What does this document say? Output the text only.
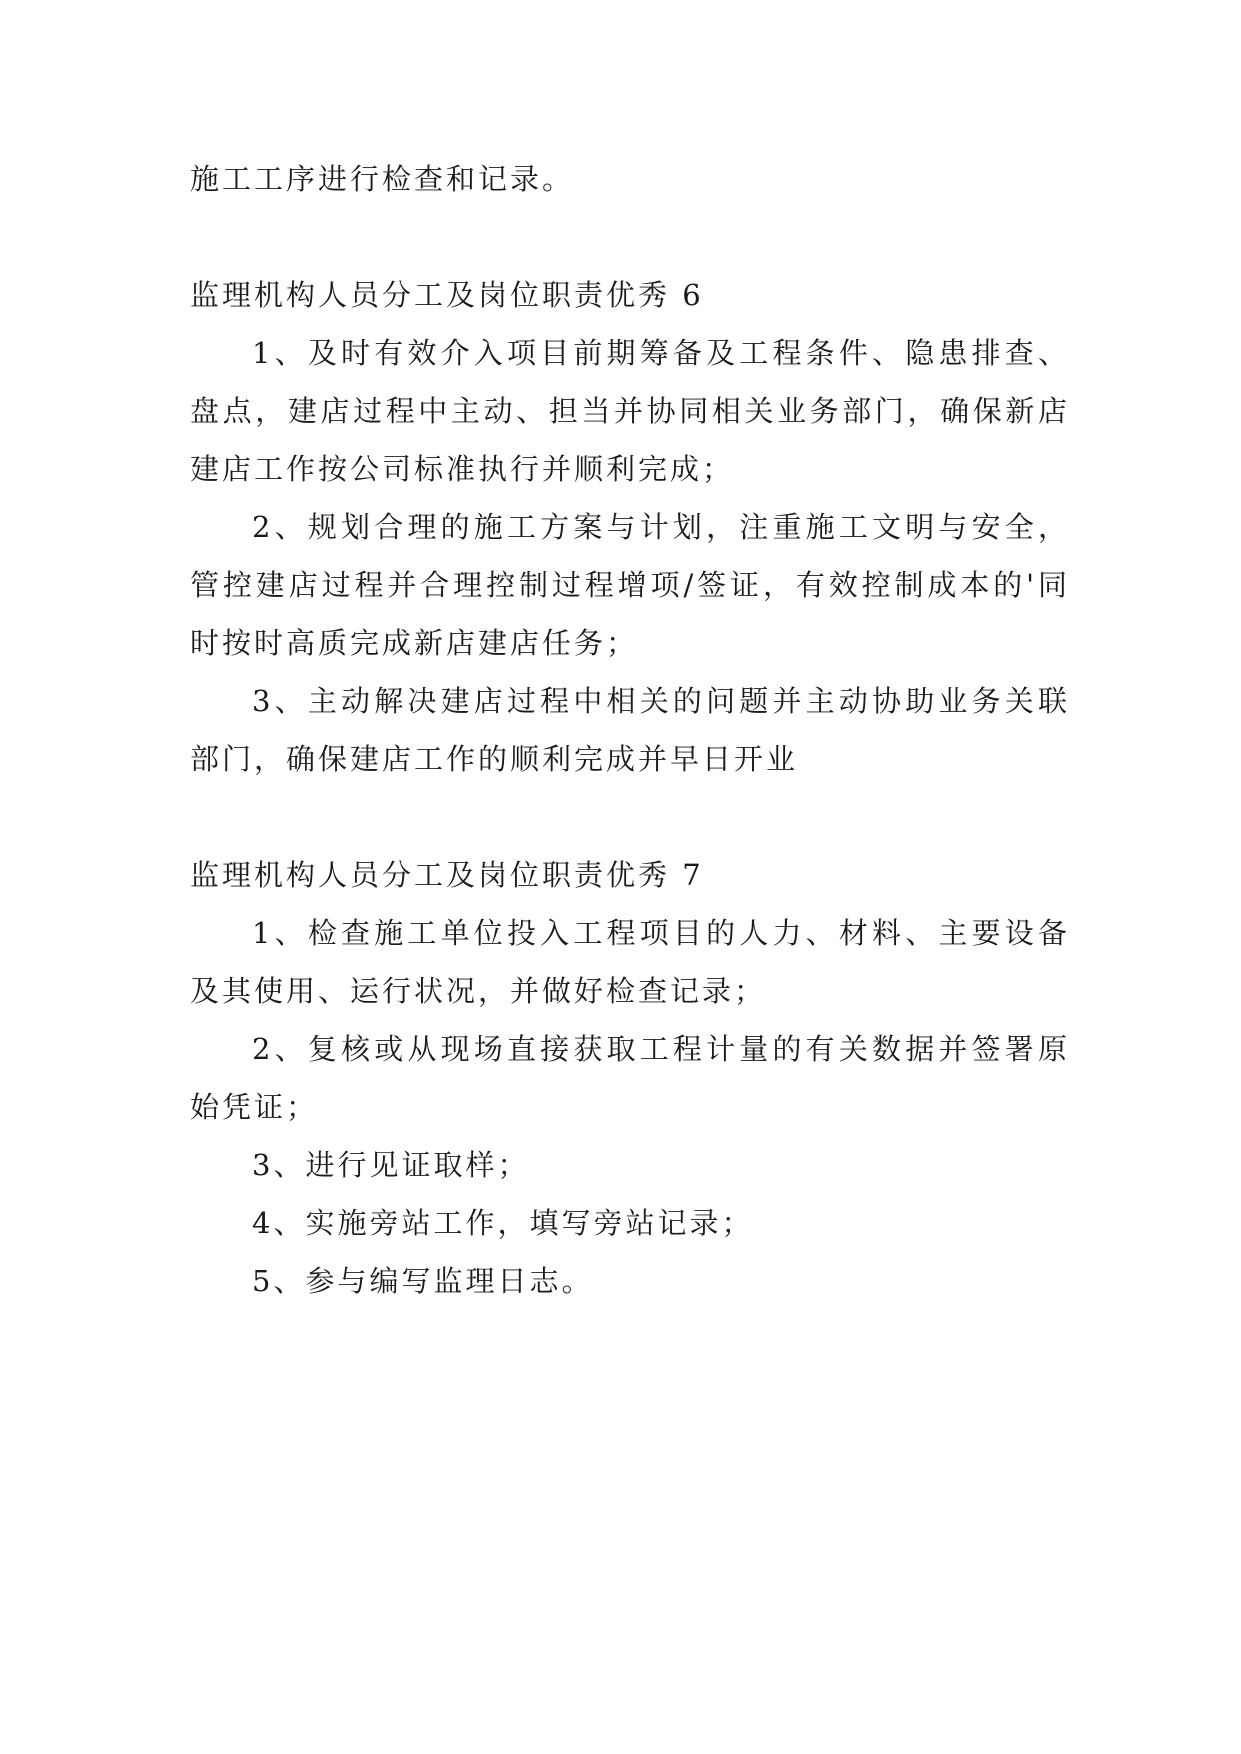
施工工序进行检查和记录。

监理机构人员分工及岗位职责优秀 6

1、及时有效介入项目前期筹备及工程条件、隐患排查、盘点，建店过程中主动、担当并协同相关业务部门，确保新店建店工作按公司标准执行并顺利完成；

2、规划合理的施工方案与计划，注重施工文明与安全，管控建店过程并合理控制过程增项/签证，有效控制成本的'同时按时高质完成新店建店任务；

3、主动解决建店过程中相关的问题并主动协助业务关联部门，确保建店工作的顺利完成并早日开业

监理机构人员分工及岗位职责优秀 7

1、检查施工单位投入工程项目的人力、材料、主要设备及其使用、运行状况，并做好检查记录；

2、复核或从现场直接获取工程计量的有关数据并签署原始凭证；

3、进行见证取样；

4、实施旁站工作，填写旁站记录；

5、参与编写监理日志。
